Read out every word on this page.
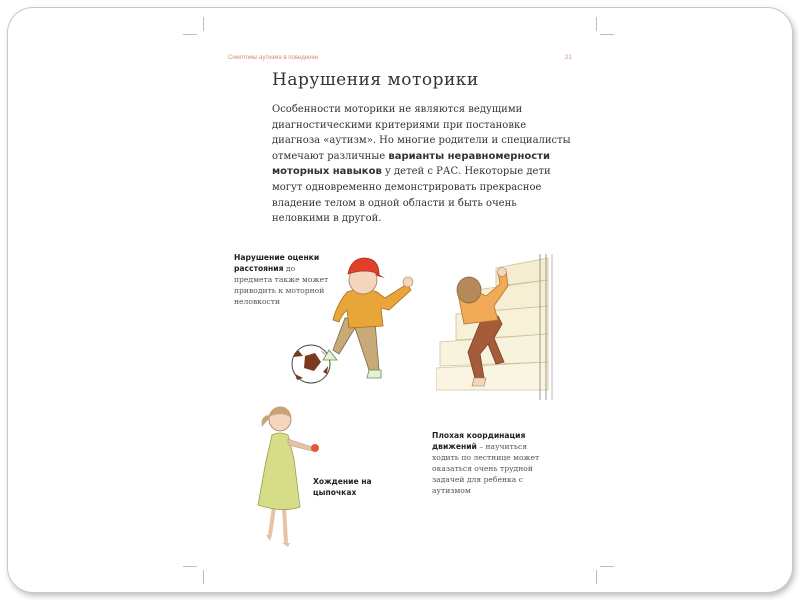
Симптомы аутизма в поведении	21
Нарушения моторики

Особенности моторики не являются ведущими диагностическими критериями при постановке диагноза «аутизм». Но многие родители и специалисты отмечают различные варианты неравномерности моторных навыков у детей с РАС. Некоторые дети могут одновременно демонстрировать прекрасное владение телом в одной области и быть очень неловкими в другой.

Нарушение оценки расстояния до предмета также может приводить к моторной неловкости

Плохая координация движений – научиться ходить по лестнице может оказаться очень трудной задачей для ребенка с аутизмом

Хождение на цыпочках
